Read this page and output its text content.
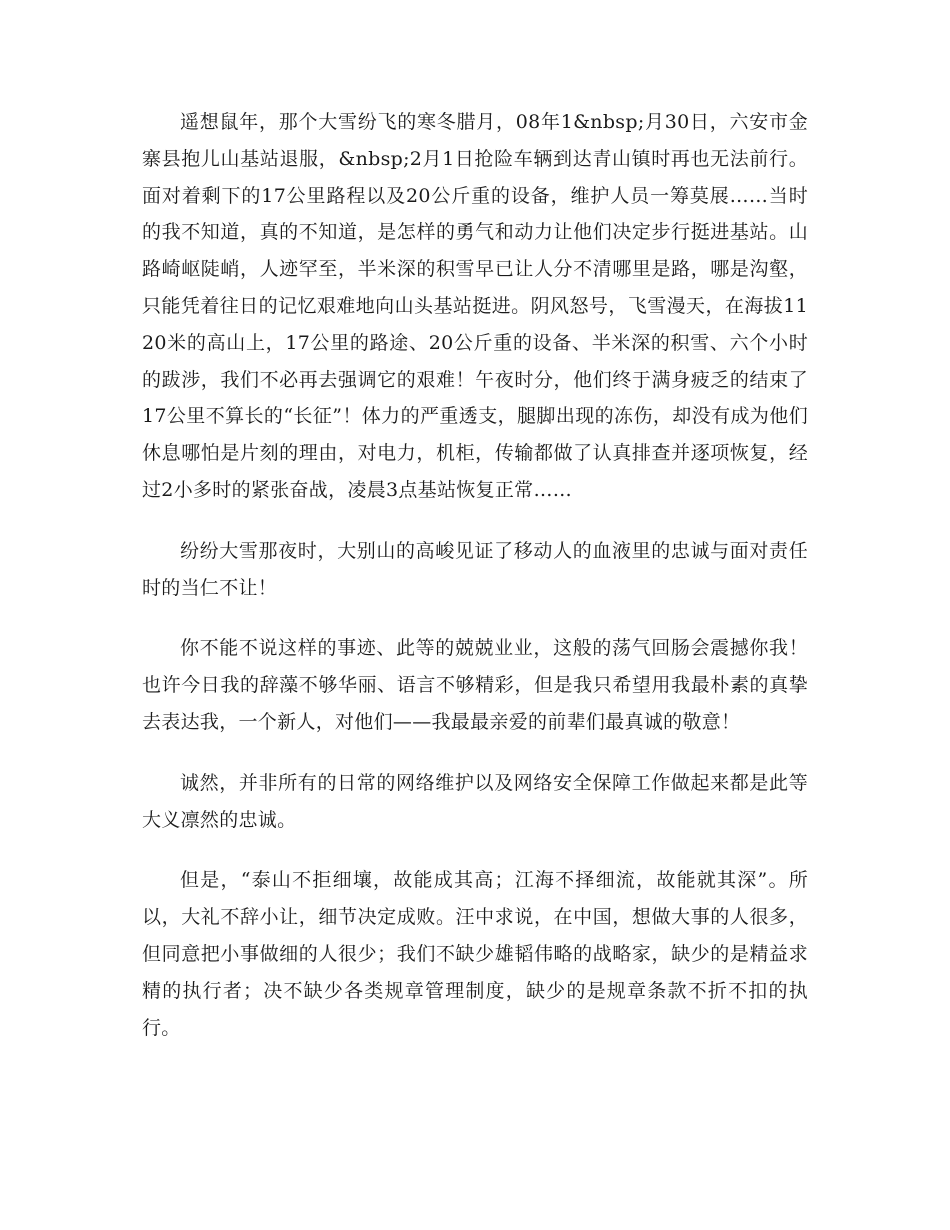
遥想鼠年，那个大雪纷飞的寒冬腊月，08年1&nbsp;月30日，六安市金寨县抱儿山基站退服，&nbsp;2月1日抢险车辆到达青山镇时再也无法前行。面对着剩下的17公里路程以及20公斤重的设备，维护人员一筹莫展……当时的我不知道，真的不知道，是怎样的勇气和动力让他们决定步行挺进基站。山路崎岖陡峭，人迹罕至，半米深的积雪早已让人分不清哪里是路，哪是沟壑，只能凭着往日的记忆艰难地向山头基站挺进。阴风怒号，飞雪漫天，在海拔1120米的高山上，17公里的路途、20公斤重的设备、半米深的积雪、六个小时的跋涉，我们不必再去强调它的艰难！午夜时分，他们终于满身疲乏的结束了17公里不算长的“长征”！体力的严重透支，腿脚出现的冻伤，却没有成为他们休息哪怕是片刻的理由，对电力，机柜，传输都做了认真排查并逐项恢复，经过2小多时的紧张奋战，凌晨3点基站恢复正常……

纷纷大雪那夜时，大别山的高峻见证了移动人的血液里的忠诚与面对责任时的当仁不让！

你不能不说这样的事迹、此等的兢兢业业，这般的荡气回肠会震撼你我！也许今日我的辞藻不够华丽、语言不够精彩，但是我只希望用我最朴素的真挚去表达我，一个新人，对他们——我最最亲爱的前辈们最真诚的敬意！

诚然，并非所有的日常的网络维护以及网络安全保障工作做起来都是此等大义凛然的忠诚。

但是，“泰山不拒细壤，故能成其高；江海不择细流，故能就其深”。所以，大礼不辞小让，细节决定成败。汪中求说，在中国，想做大事的人很多，但同意把小事做细的人很少；我们不缺少雄韬伟略的战略家，缺少的是精益求精的执行者；决不缺少各类规章管理制度，缺少的是规章条款不折不扣的执行。
